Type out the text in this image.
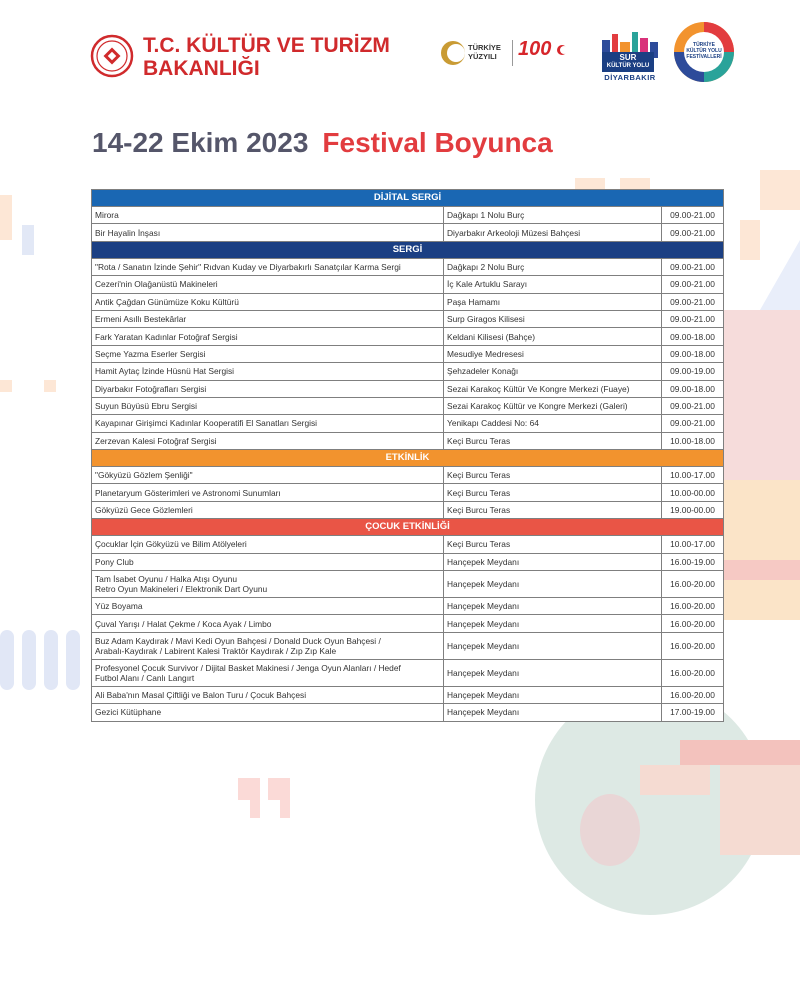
T.C. KÜLTÜR VE TURİZM
BAKANLIĞI
TÜRKİYE
YÜZYILI 100	SUR
KÜLTÜR YOLU
DİYARBAKIR
TÜRKİYE
KÜLTÜR YOLU
FESTİVALLERİ
14-22 Ekim 2023 Festival Boyunca
DİJİTAL SERGİ		
Mirora	Dağkapı 1 Nolu Burç	09.00-21.00
Bir Hayalin İnşası	Diyarbakır Arkeoloji Müzesi Bahçesi	09.00-21.00
SERGİ		
"Rota / Sanatın İzinde Şehir" Rıdvan Kuday ve Diyarbakırlı Sanatçılar Karma Sergi	Dağkapı 2 Nolu Burç	09.00-21.00
Cezeri'nin Olağanüstü Makineleri	İç Kale Artuklu Sarayı	09.00-21.00
Antik Çağdan Günümüze Koku Kültürü	Paşa Hamamı	09.00-21.00
Ermeni Asıllı Bestekârlar	Surp Giragos Kilisesi	09.00-21.00
Fark Yaratan Kadınlar Fotoğraf Sergisi	Keldani Kilisesi (Bahçe)	09.00-18.00
Seçme Yazma Eserler Sergisi	Mesudiye Medresesi	09.00-18.00
Hamit Aytaç İzinde Hüsnü Hat Sergisi	Şehzadeler Konağı	09.00-19.00
Diyarbakır Fotoğrafları Sergisi	Sezai Karakoç Kültür Ve Kongre Merkezi (Fuaye)	09.00-18.00
Suyun Büyüsü Ebru Sergisi	Sezai Karakoç Kültür ve Kongre Merkezi (Galeri)	09.00-21.00
Kayapınar Girişimci Kadınlar Kooperatifi El Sanatları Sergisi	Yenikapı Caddesi No: 64	09.00-21.00
Zerzevan Kalesi Fotoğraf Sergisi	Keçi Burcu Teras	10.00-18.00
ETKİNLİK		
"Gökyüzü Gözlem Şenliği"	Keçi Burcu Teras	10.00-17.00
Planetaryum Gösterimleri ve Astronomi Sunumları	Keçi Burcu Teras	10.00-00.00
Gökyüzü Gece Gözlemleri	Keçi Burcu Teras	19.00-00.00
ÇOCUK ETKİNLİĞİ		
Çocuklar İçin Gökyüzü ve Bilim Atölyeleri	Keçi Burcu Teras	10.00-17.00
Pony Club	Hançepek Meydanı	16.00-19.00
Tam İsabet Oyunu / Halka Atışı Oyunu
Retro Oyun Makineleri / Elektronik Dart Oyunu	Hançepek Meydanı	16.00-20.00
Yüz Boyama	Hançepek Meydanı	16.00-20.00
Çuval Yarışı / Halat Çekme / Koca Ayak / Limbo	Hançepek Meydanı	16.00-20.00
Buz Adam Kaydırak / Mavi Kedi Oyun Bahçesi / Donald Duck Oyun Bahçesi /
Arabalı-Kaydırak / Labirent Kalesi Traktör Kaydırak / Zıp Zıp Kale	Hançepek Meydanı	16.00-20.00
Profesyonel Çocuk Survivor / Dijital Basket Makinesi / Jenga Oyun Alanları / Hedef
Futbol Alanı / Canlı Langırt	Hançepek Meydanı	16.00-20.00
Ali Baba'nın Masal Çiftliği ve Balon Turu / Çocuk Bahçesi	Hançepek Meydanı	16.00-20.00
Gezici Kütüphane	Hançepek Meydanı	17.00-19.00
